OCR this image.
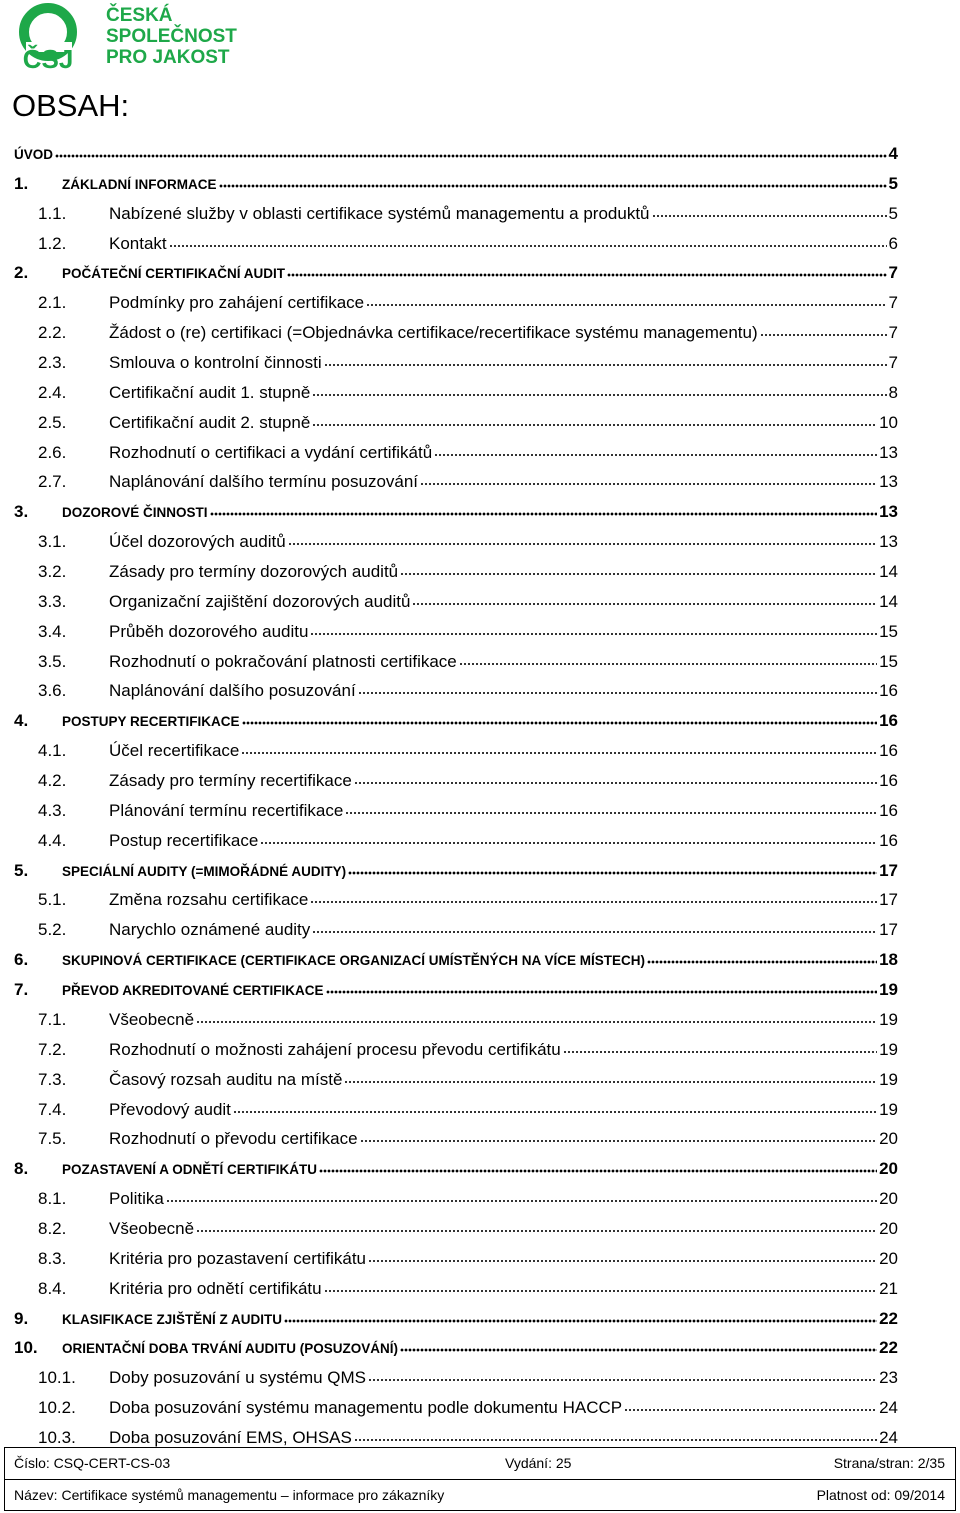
ČSJ
ČESKÁ
SPOLEČNOST
PRO JAKOST
OBSAH:
ÚVOD	4
1.	ZÁKLADNÍ INFORMACE	5
1.1.	Nabízené služby v oblasti certifikace systémů managementu a produktů	5
1.2.	Kontakt	6
2.	POČÁTEČNÍ CERTIFIKAČNÍ AUDIT	7
2.1.	Podmínky pro zahájení certifikace	7
2.2.	Žádost o (re) certifikaci (=Objednávka certifikace/recertifikace systému managementu)	7
2.3.	Smlouva o kontrolní činnosti	7
2.4.	Certifikační audit 1. stupně	8
2.5.	Certifikační audit 2. stupně	10
2.6.	Rozhodnutí o certifikaci a vydání certifikátů	13
2.7.	Naplánování dalšího termínu posuzování	13
3.	DOZOROVÉ ČINNOSTI	13
3.1.	Účel dozorových auditů	13
3.2.	Zásady pro termíny dozorových auditů	14
3.3.	Organizační zajištění dozorových auditů	14
3.4.	Průběh dozorového auditu	15
3.5.	Rozhodnutí o pokračování platnosti certifikace	15
3.6.	Naplánování dalšího posuzování	16
4.	POSTUPY RECERTIFIKACE	16
4.1.	Účel recertifikace	16
4.2.	Zásady pro termíny recertifikace	16
4.3.	Plánování termínu recertifikace	16
4.4.	Postup recertifikace	16
5.	SPECIÁLNÍ AUDITY (=MIMOŘÁDNÉ AUDITY)	17
5.1.	Změna rozsahu certifikace	17
5.2.	Narychlo oznámené audity	17
6.	SKUPINOVÁ CERTIFIKACE (CERTIFIKACE ORGANIZACÍ UMÍSTĚNÝCH NA VÍCE MÍSTECH)	18
7.	PŘEVOD AKREDITOVANÉ CERTIFIKACE	19
7.1.	Všeobecně	19
7.2.	Rozhodnutí o možnosti zahájení procesu převodu certifikátu	19
7.3.	Časový rozsah auditu na místě	19
7.4.	Převodový audit	19
7.5.	Rozhodnutí o převodu certifikace	20
8.	POZASTAVENÍ A ODNĚTÍ CERTIFIKÁTU	20
8.1.	Politika	20
8.2.	Všeobecně	20
8.3.	Kritéria pro pozastavení certifikátu	20
8.4.	Kritéria pro odnětí certifikátu	21
9.	KLASIFIKACE ZJIŠTĚNÍ Z AUDITU	22
10. ORIENTAČNÍ DOBA TRVÁNÍ AUDITU (POSUZOVÁNÍ)	22
10.1. Doby posuzování u systému QMS	23
10.2. Doba posuzování systému managementu podle dokumentu HACCP	24
10.3. Doba posuzování EMS, OHSAS	24
Číslo: CSQ-CERT-CS-03	Vydání: 25	Strana/stran: 2/35
Název: Certifikace systémů managementu – informace pro zákazníky	Platnost od: 09/2014
